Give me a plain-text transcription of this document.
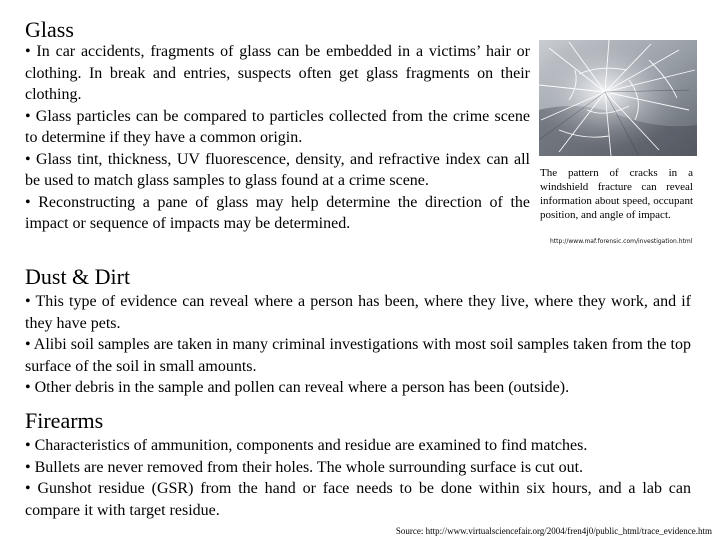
Glass

• In car accidents, fragments of glass can be embedded in a victims’ hair or clothing. In break and entries, suspects often get glass fragments on their clothing.

• Glass particles can be compared to particles collected from the crime scene to determine if they have a common origin.

• Glass tint, thickness, UV fluorescence, density, and refractive index can all be used to match glass samples to glass found at a crime scene.

• Reconstructing a pane of glass may help determine the direction of the impact or sequence of impacts may be determined.

The pattern of cracks in a windshield fracture can reveal information about speed, occupant position, and angle of impact.
http://www.maf.forensic.com/investigation.html
Dust & Dirt

• This type of evidence can reveal where a person has been, where they live, where they work, and if they have pets.

• Alibi soil samples are taken in many criminal investigations with most soil samples taken from the top surface of the soil in small amounts.

• Other debris in the sample and pollen can reveal where a person has been (outside).

Firearms

• Characteristics of ammunition, components and residue are examined to find matches.

• Bullets are never removed from their holes. The whole surrounding surface is cut out.

• Gunshot residue (GSR) from the hand or face needs to be done within six hours, and a lab can compare it with target residue.

Source: http://www.virtualsciencefair.org/2004/fren4j0/public_html/trace_evidence.htm
